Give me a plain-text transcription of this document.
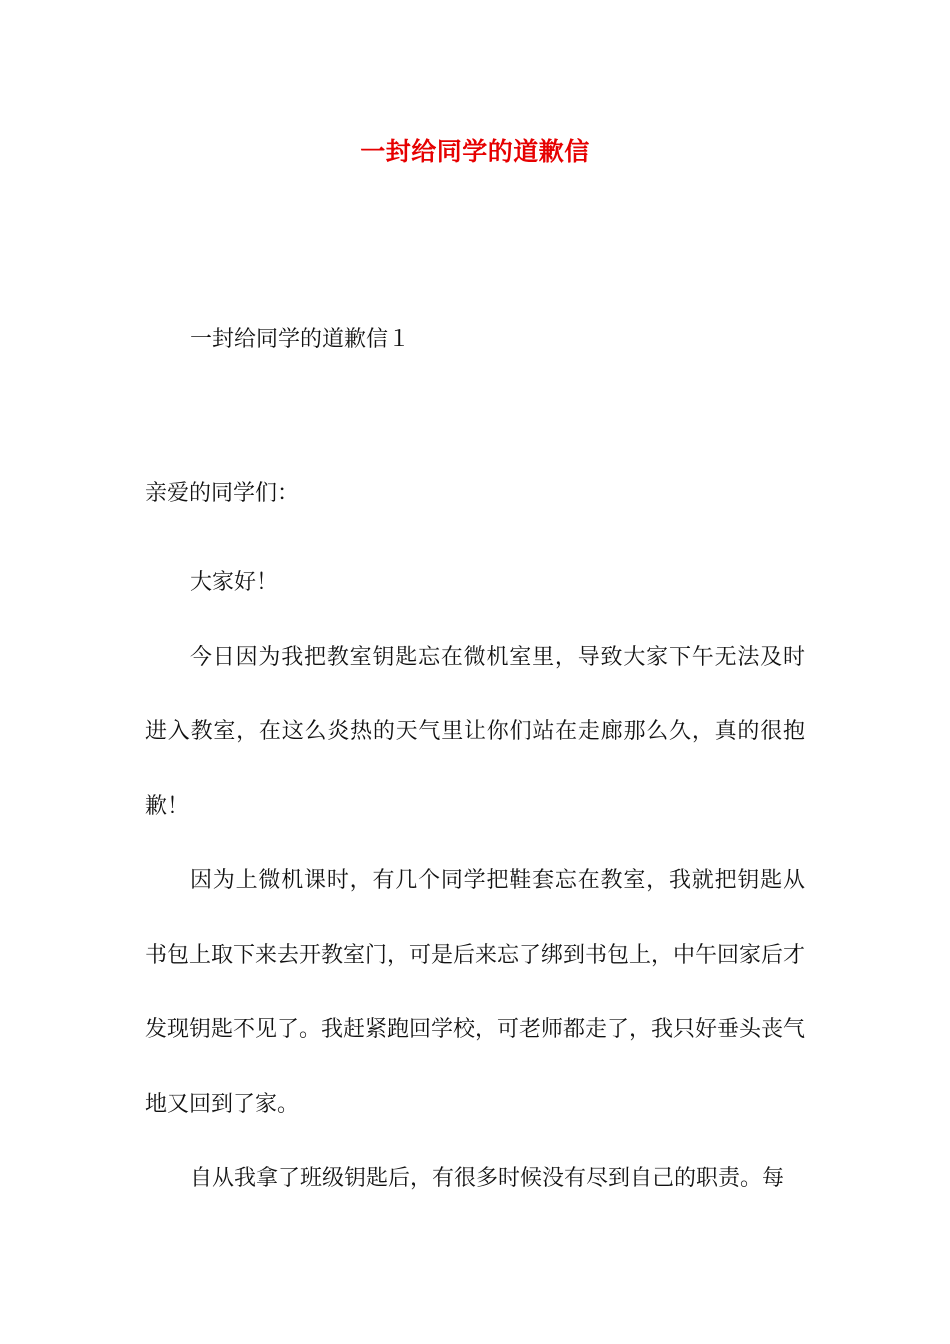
一封给同学的道歉信
一封给同学的道歉信１
亲爱的同学们：

大家好！

今日因为我把教室钥匙忘在微机室里，导致大家下午无法及时进入教室，在这么炎热的天气里让你们站在走廊那么久，真的很抱歉！

因为上微机课时，有几个同学把鞋套忘在教室，我就把钥匙从书包上取下来去开教室门，可是后来忘了绑到书包上，中午回家后才发现钥匙不见了。我赶紧跑回学校，可老师都走了，我只好垂头丧气地又回到了家。

自从我拿了班级钥匙后，有很多时候没有尽到自己的职责。每
